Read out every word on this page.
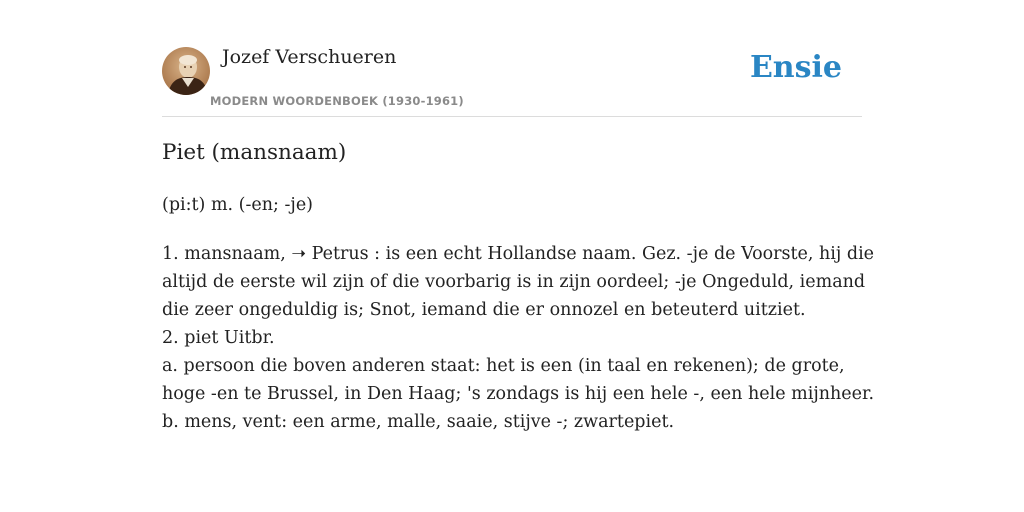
Jozef Verschueren
MODERN WOORDENBOEK (1930-1961)
Ensie
Piet (mansnaam)
(pi:t) m. (-en; -je)
1. mansnaam, ➝ Petrus : is een echt Hollandse naam. Gez. -je de Voorste, hij die
altijd de eerste wil zijn of die voorbarig is in zijn oordeel; -je Ongeduld, iemand
die zeer ongeduldig is; Snot, iemand die er onnozel en beteuterd uitziet.
2. piet Uitbr.
a. persoon die boven anderen staat: het is een (in taal en rekenen); de grote,
hoge -en te Brussel, in Den Haag; 's zondags is hij een hele -, een hele mijnheer.
b. mens, vent: een arme, malle, saaie, stijve -; zwartepiet.
